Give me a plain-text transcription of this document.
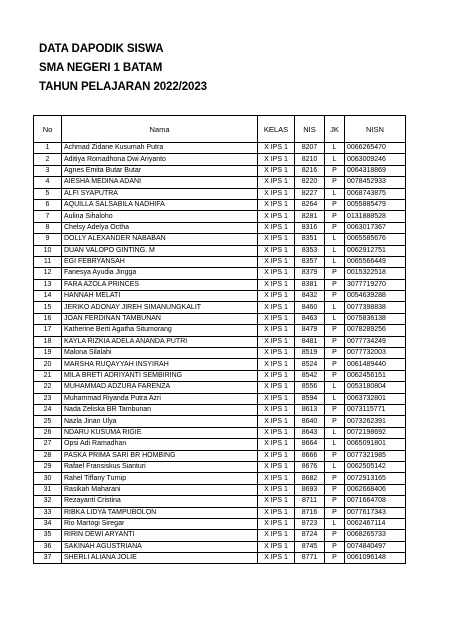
DATA DAPODIK SISWA
SMA NEGERI 1 BATAM
TAHUN PELAJARAN 2022/2023
No	Nama	KELAS	NIS	JK	NISN
1	Achmad Zidane Kusumah Putra	X IPS 1	8207	L	0066265470
2	Aditiya Romadhona Dwi Ariyanto	X IPS 1	8210	L	0063009246
3	Agnes Emita Butar Butar	X IPS 1	8216	P	0064318869
4	AIESHA MEDINA ADANI	X IPS 1	8220	P	0078452933
5	ALFI SYAPUTRA	X IPS 1	8227	L	0068743875
6	AQUILLA SALSABILA NADHIFA	X IPS 1	8264	P	0055885479
7	Aulina Sihaloho	X IPS 1	8281	P	0131888528
8	Chelsy Adelya Octha	X IPS 1	8316	P	0063017367
9	DOLLY ALEXANDER NABABAN	X IPS 1	8351	L	0065585676
10	DUAN VALOPO GINTING. M	X IPS 1	8353	L	0062912751
11	EGI FEBRYANSAH	X IPS 1	8357	L	0065566449
12	Fanesya Ayudia Jingga	X IPS 1	8379	P	0015322518
13	FARA AZOLA PRINCES	X IPS 1	8381	P	3077719270
14	HANNAH MELATI	X IPS 1	8432	P	0054639288
15	JERIKO ADONAY JIREH SIMANUNGKALIT	X IPS 1	8460	L	0077398838
16	JOAN FERDINAN TAMBUNAN	X IPS 1	8463	L	0075836138
17	Katherine Berti Agatha Situmorang	X IPS 1	8479	P	0078289256
18	KAYLA RIZKIA ADELA ANANDA PUTRI	X IPS 1	8481	P	0077734249
19	Malona Silalahi	X IPS 1	8519	P	0077732003
20	MARSHA RUQAYYAH INSYIRAH	X IPS 1	8524	P	0061489440
21	MILA BRETI ADRIYANTI SEMBIRING	X IPS 1	8542	P	0062456151
22	MUHAMMAD ADZURA FARENZA	X IPS 1	8556	L	0053180804
23	Muhammad Riyanda Putra Azri	X IPS 1	8594	L	0063732801
24	Nada Zeliska BR Tambunan	X IPS 1	8613	P	0073115771
25	Nazla Jinan Ulya	X IPS 1	8640	P	0073262391
26	NDARU KUSUMA RIGIE	X IPS 1	8643	L	0072198692
27	Opsi Adi Ramadhan	X IPS 1	8664	L	0065091801
28	PASKA PRIMA SARI BR HOMBING	X IPS 1	8666	P	0077321985
29	Rafael Fransiskus Sianturi	X IPS 1	8676	L	0062505142
30	Rahel Tiffany Turnip	X IPS 1	8682	P	0072913165
31	Rasikah Maharani	X IPS 1	8693	P	0062668406
32	Rezayanti Cristina	X IPS 1	8711	P	0071664708
33	RIBKA LIDYA TAMPUBOLON	X IPS 1	8716	P	0077617343
34	Rio Martogi Siregar	X IPS 1	8723	L	0062467114
35	RIRIN DEWI ARYANTI	X IPS 1	8724	P	0068265733
36	SAKINAH AGUSTRIANA	X IPS 1	8745	P	0074840497
37	SHERLI ALIANA JOLIE	X IPS 1	8771	P	0061096148
